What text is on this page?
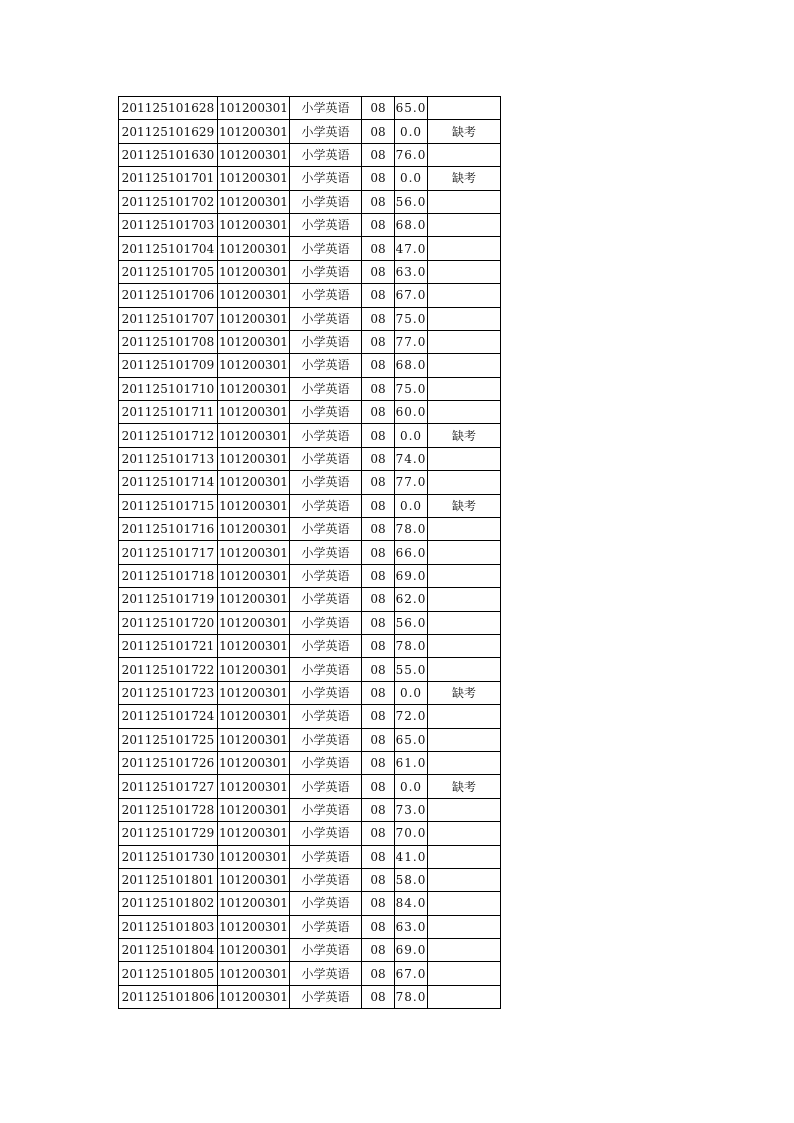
201125101628	101200301	小学英语	08	65.0	
201125101629	101200301	小学英语	08	0.0	缺考
201125101630	101200301	小学英语	08	76.0	
201125101701	101200301	小学英语	08	0.0	缺考
201125101702	101200301	小学英语	08	56.0	
201125101703	101200301	小学英语	08	68.0	
201125101704	101200301	小学英语	08	47.0	
201125101705	101200301	小学英语	08	63.0	
201125101706	101200301	小学英语	08	67.0	
201125101707	101200301	小学英语	08	75.0	
201125101708	101200301	小学英语	08	77.0	
201125101709	101200301	小学英语	08	68.0	
201125101710	101200301	小学英语	08	75.0	
201125101711	101200301	小学英语	08	60.0	
201125101712	101200301	小学英语	08	0.0	缺考
201125101713	101200301	小学英语	08	74.0	
201125101714	101200301	小学英语	08	77.0	
201125101715	101200301	小学英语	08	0.0	缺考
201125101716	101200301	小学英语	08	78.0	
201125101717	101200301	小学英语	08	66.0	
201125101718	101200301	小学英语	08	69.0	
201125101719	101200301	小学英语	08	62.0	
201125101720	101200301	小学英语	08	56.0	
201125101721	101200301	小学英语	08	78.0	
201125101722	101200301	小学英语	08	55.0	
201125101723	101200301	小学英语	08	0.0	缺考
201125101724	101200301	小学英语	08	72.0	
201125101725	101200301	小学英语	08	65.0	
201125101726	101200301	小学英语	08	61.0	
201125101727	101200301	小学英语	08	0.0	缺考
201125101728	101200301	小学英语	08	73.0	
201125101729	101200301	小学英语	08	70.0	
201125101730	101200301	小学英语	08	41.0	
201125101801	101200301	小学英语	08	58.0	
201125101802	101200301	小学英语	08	84.0	
201125101803	101200301	小学英语	08	63.0	
201125101804	101200301	小学英语	08	69.0	
201125101805	101200301	小学英语	08	67.0	
201125101806	101200301	小学英语	08	78.0	
